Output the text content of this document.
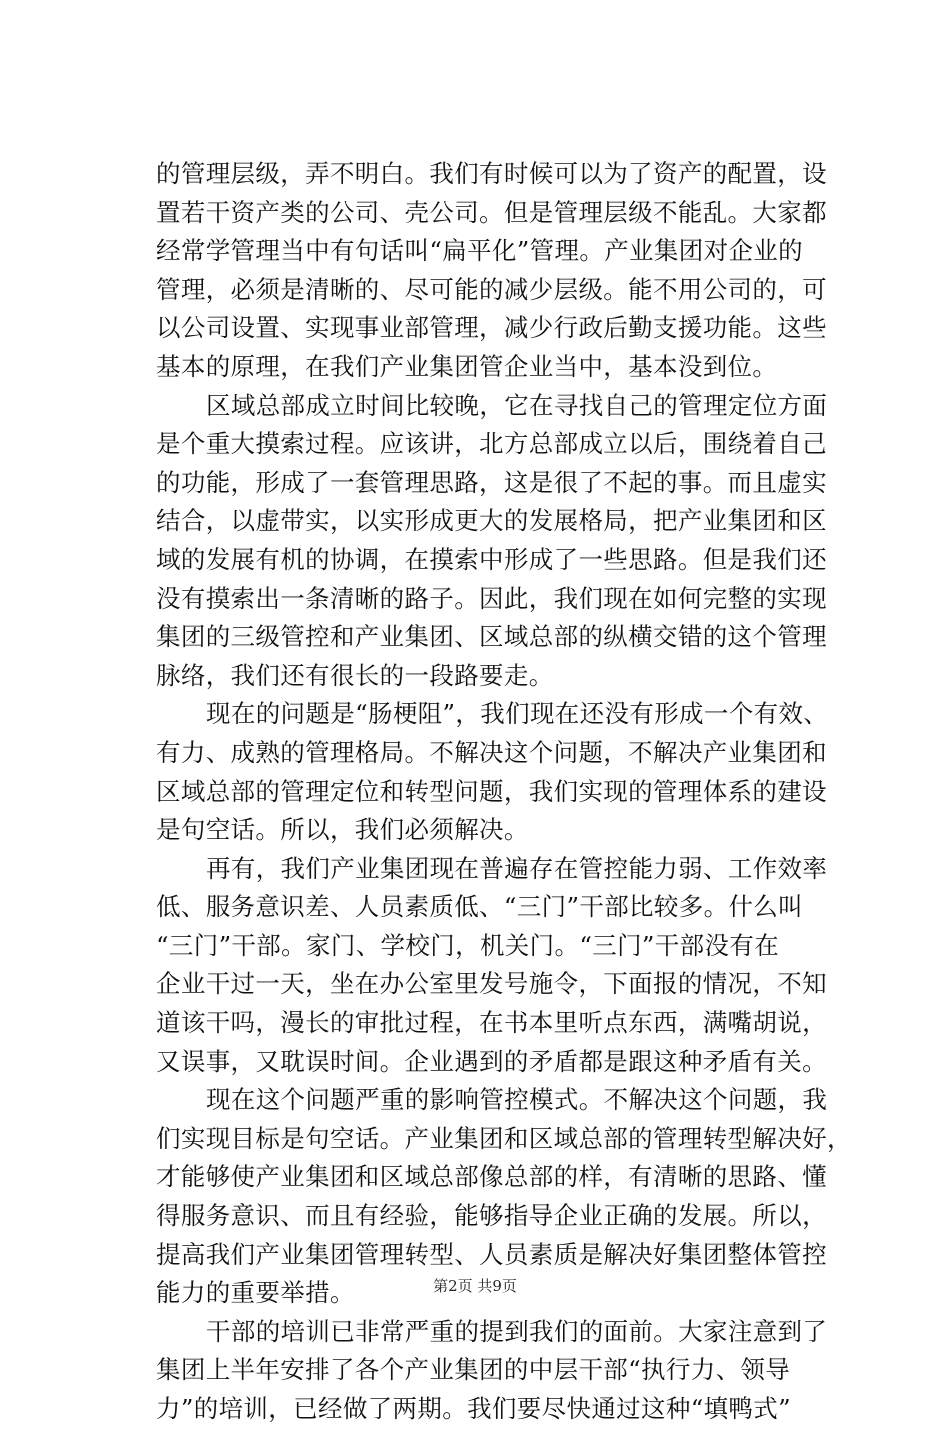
的管理层级，弄不明白。我们有时候可以为了资产的配置，设
置若干资产类的公司、壳公司。但是管理层级不能乱。大家都
经常学管理当中有句话叫“扁平化”管理。产业集团对企业的
管理，必须是清晰的、尽可能的减少层级。能不用公司的，可
以公司设置、实现事业部管理，减少行政后勤支援功能。这些
基本的原理，在我们产业集团管企业当中，基本没到位。
区域总部成立时间比较晚，它在寻找自己的管理定位方面
是个重大摸索过程。应该讲，北方总部成立以后，围绕着自己
的功能，形成了一套管理思路，这是很了不起的事。而且虚实
结合，以虚带实，以实形成更大的发展格局，把产业集团和区
域的发展有机的协调，在摸索中形成了一些思路。但是我们还
没有摸索出一条清晰的路子。因此，我们现在如何完整的实现
集团的三级管控和产业集团、区域总部的纵横交错的这个管理
脉络，我们还有很长的一段路要走。
现在的问题是“肠梗阻”，我们现在还没有形成一个有效、
有力、成熟的管理格局。不解决这个问题，不解决产业集团和
区域总部的管理定位和转型问题，我们实现的管理体系的建设
是句空话。所以，我们必须解决。
再有，我们产业集团现在普遍存在管控能力弱、工作效率
低、服务意识差、人员素质低、“三门”干部比较多。什么叫
“三门”干部。家门、学校门，机关门。“三门”干部没有在
企业干过一天，坐在办公室里发号施令，下面报的情况，不知
道该干吗，漫长的审批过程，在书本里听点东西，满嘴胡说，
又误事，又耽误时间。企业遇到的矛盾都是跟这种矛盾有关。
现在这个问题严重的影响管控模式。不解决这个问题，我
们实现目标是句空话。产业集团和区域总部的管理转型解决好，
才能够使产业集团和区域总部像总部的样，有清晰的思路、懂
得服务意识、而且有经验，能够指导企业正确的发展。所以，
提高我们产业集团管理转型、人员素质是解决好集团整体管控
能力的重要举措。
干部的培训已非常严重的提到我们的面前。大家注意到了
集团上半年安排了各个产业集团的中层干部“执行力、领导
力”的培训，已经做了两期。我们要尽快通过这种“填鸭式”
第2页 共9页
